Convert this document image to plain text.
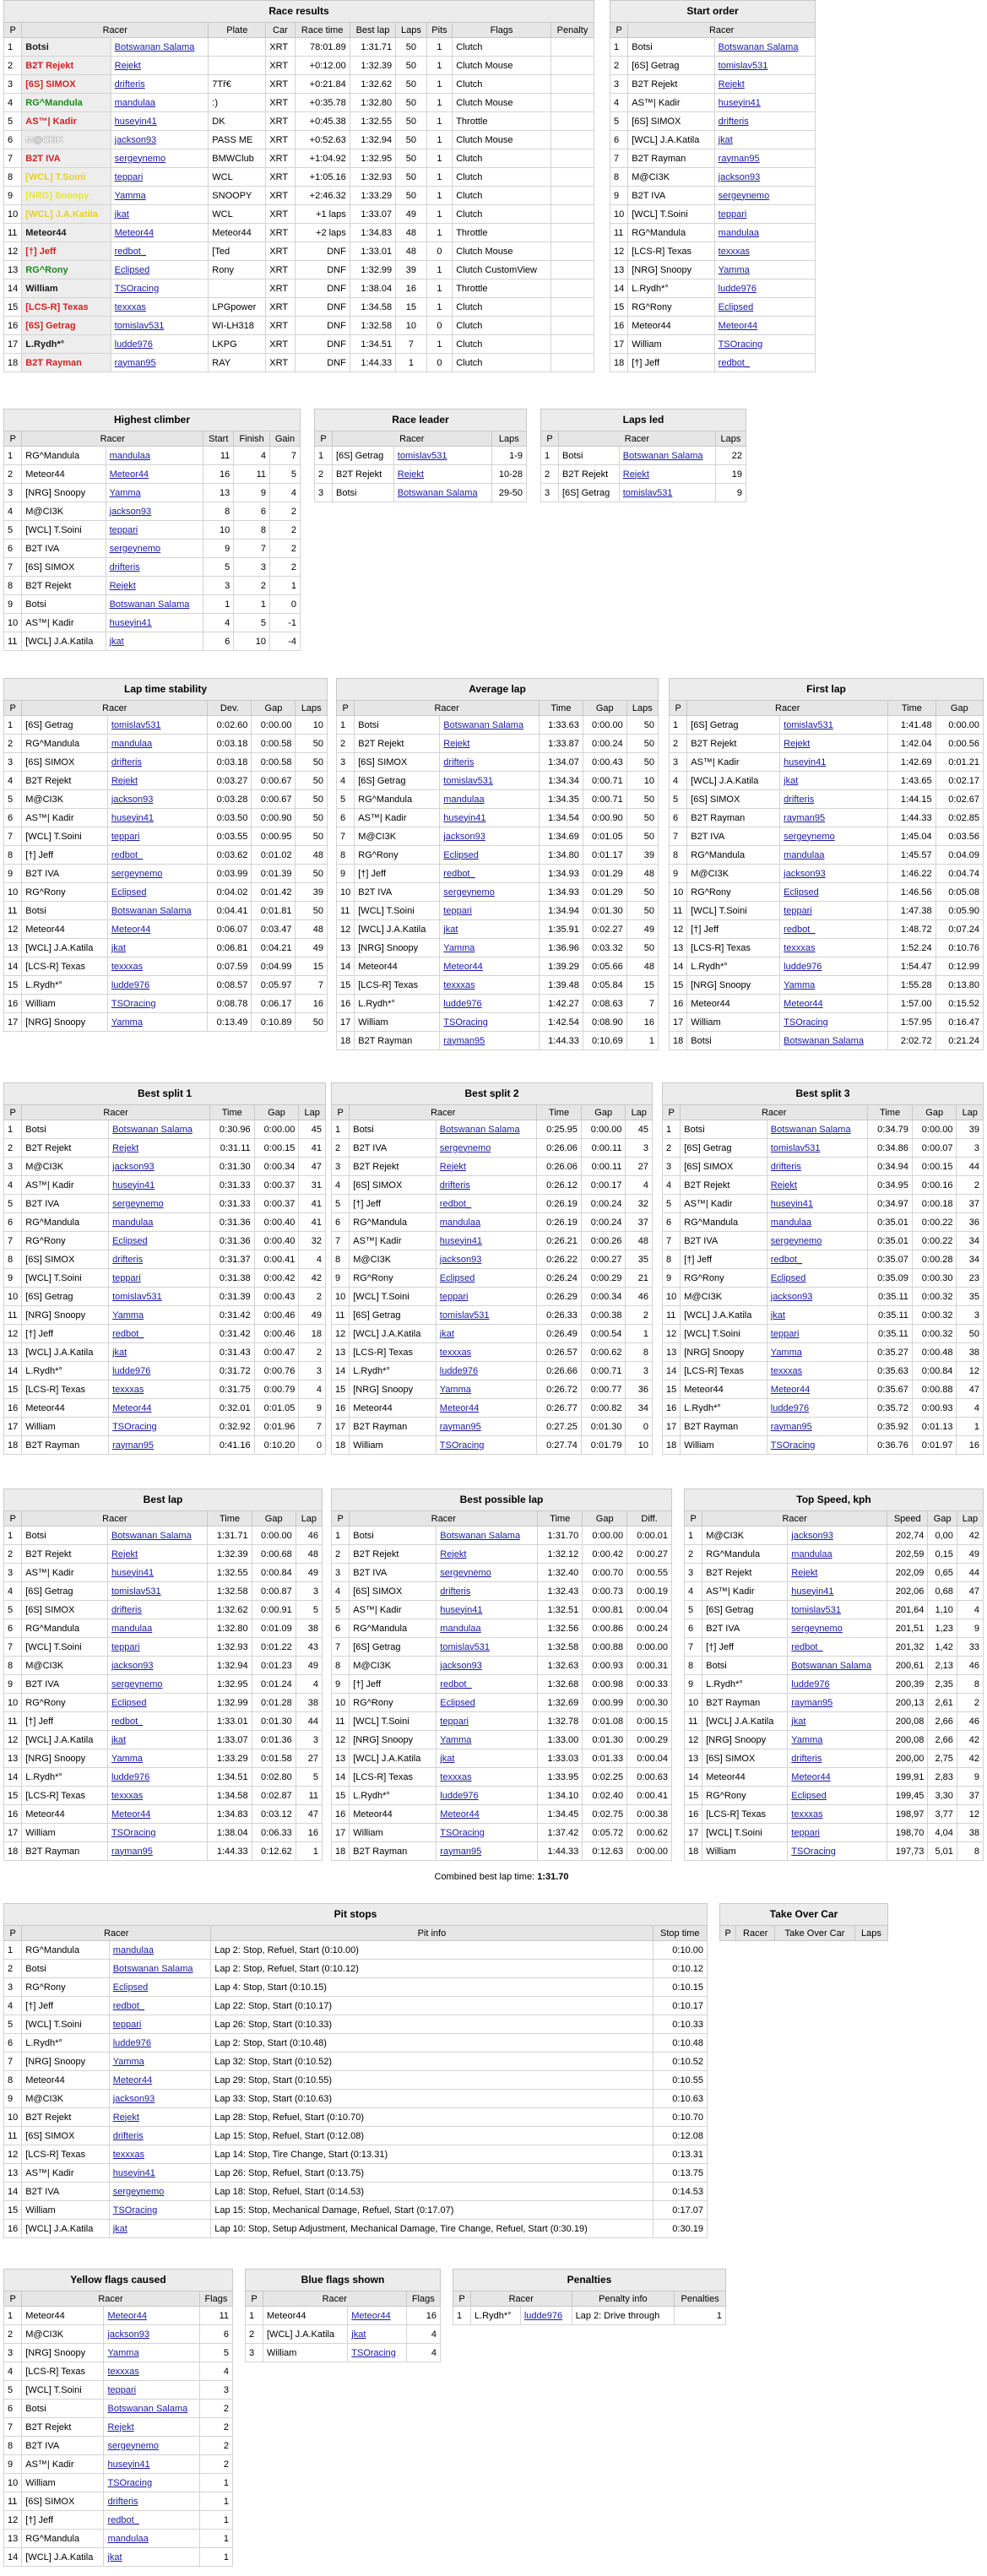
Race results
P	Racer		Plate	Car	Race time	Best lap	Laps	Pits	Flags	Penalty
1	Botsi	Botswanan Salama		XRT	78:01.89	1:31.71	50	1	Clutch	
2	B2T Rejekt	Rejekt		XRT	+0:12.00	1:32.39	50	1	Clutch Mouse	
3	[6S] SIMOX	drifteris	7Tř€	XRT	+0:21.84	1:32.62	50	1	Clutch	
4	RG^Mandula	mandulaa	:)	XRT	+0:35.78	1:32.80	50	1	Clutch Mouse	
5	AS™| Kadir	huseyin41	DK	XRT	+0:45.38	1:32.55	50	1	Throttle	
6	M@CI3K	jackson93	PASS ME	XRT	+0:52.63	1:32.94	50	1	Clutch Mouse	
7	B2T IVA	sergeynemo	BMWClub	XRT	+1:04.92	1:32.95	50	1	Clutch	
8	[WCL] T.Soini	teppari	WCL	XRT	+1:05.16	1:32.93	50	1	Clutch	
9	[NRG] Snoopy	Yamma	SNOOPY	XRT	+2:46.32	1:33.29	50	1	Clutch	
10	[WCL] J.A.Katila	jkat	WCL	XRT	+1 laps	1:33.07	49	1	Clutch	
11	Meteor44	Meteor44	Meteor44	XRT	+2 laps	1:34.83	48	1	Throttle	
12	[†] Jeff	redbot_	[Ted	XRT	DNF	1:33.01	48	0	Clutch Mouse	
13	RG^Rony	Eclipsed	Rony	XRT	DNF	1:32.99	39	1	Clutch CustomView	
14	William	TSOracing		XRT	DNF	1:38.04	16	1	Throttle	
15	[LCS-R] Texas	texxxas	LPGpower	XRT	DNF	1:34.58	15	1	Clutch	
16	[6S] Getrag	tomislav531	WI-LH318	XRT	DNF	1:32.58	10	0	Clutch	
17	L.Rydh*°	ludde976	LKPG	XRT	DNF	1:34.51	7	1	Clutch	
18	B2T Rayman	rayman95	RAY	XRT	DNF	1:44.33	1	0	Clutch	
Start order
P	Racer	
1	Botsi	Botswanan Salama
2	[6S] Getrag	tomislav531
3	B2T Rejekt	Rejekt
4	AS™| Kadir	huseyin41
5	[6S] SIMOX	drifteris
6	[WCL] J.A.Katila	jkat
7	B2T Rayman	rayman95
8	M@CI3K	jackson93
9	B2T IVA	sergeynemo
10	[WCL] T.Soini	teppari
11	RG^Mandula	mandulaa
12	[LCS-R] Texas	texxxas
13	[NRG] Snoopy	Yamma
14	L.Rydh*°	ludde976
15	RG^Rony	Eclipsed
16	Meteor44	Meteor44
17	William	TSOracing
18	[†] Jeff	redbot_
Highest climber
P	Racer		Start	Finish	Gain
1	RG^Mandula	mandulaa	11	4	7
2	Meteor44	Meteor44	16	11	5
3	[NRG] Snoopy	Yamma	13	9	4
4	M@CI3K	jackson93	8	6	2
5	[WCL] T.Soini	teppari	10	8	2
6	B2T IVA	sergeynemo	9	7	2
7	[6S] SIMOX	drifteris	5	3	2
8	B2T Rejekt	Rejekt	3	2	1
9	Botsi	Botswanan Salama	1	1	0
10	AS™| Kadir	huseyin41	4	5	-1
11	[WCL] J.A.Katila	jkat	6	10	-4
Race leader
P	Racer		Laps
1	[6S] Getrag	tomislav531	1-9
2	B2T Rejekt	Rejekt	10-28
3	Botsi	Botswanan Salama	29-50
Laps led
P	Racer		Laps
1	Botsi	Botswanan Salama	22
2	B2T Rejekt	Rejekt	19
3	[6S] Getrag	tomislav531	9
Lap time stability
P	Racer		Dev.	Gap	Laps
1	[6S] Getrag	tomislav531	0:02.60	0:00.00	10
2	RG^Mandula	mandulaa	0:03.18	0:00.58	50
3	[6S] SIMOX	drifteris	0:03.18	0:00.58	50
4	B2T Rejekt	Rejekt	0:03.27	0:00.67	50
5	M@CI3K	jackson93	0:03.28	0:00.67	50
6	AS™| Kadir	huseyin41	0:03.50	0:00.90	50
7	[WCL] T.Soini	teppari	0:03.55	0:00.95	50
8	[†] Jeff	redbot_	0:03.62	0:01.02	48
9	B2T IVA	sergeynemo	0:03.99	0:01.39	50
10	RG^Rony	Eclipsed	0:04.02	0:01.42	39
11	Botsi	Botswanan Salama	0:04.41	0:01.81	50
12	Meteor44	Meteor44	0:06.07	0:03.47	48
13	[WCL] J.A.Katila	jkat	0:06.81	0:04.21	49
14	[LCS-R] Texas	texxxas	0:07.59	0:04.99	15
15	L.Rydh*°	ludde976	0:08.57	0:05.97	7
16	William	TSOracing	0:08.78	0:06.17	16
17	[NRG] Snoopy	Yamma	0:13.49	0:10.89	50
Average lap
P	Racer		Time	Gap	Laps
1	Botsi	Botswanan Salama	1:33.63	0:00.00	50
2	B2T Rejekt	Rejekt	1:33.87	0:00.24	50
3	[6S] SIMOX	drifteris	1:34.07	0:00.43	50
4	[6S] Getrag	tomislav531	1:34.34	0:00.71	10
5	RG^Mandula	mandulaa	1:34.35	0:00.71	50
6	AS™| Kadir	huseyin41	1:34.54	0:00.90	50
7	M@CI3K	jackson93	1:34.69	0:01.05	50
8	RG^Rony	Eclipsed	1:34.80	0:01.17	39
9	[†] Jeff	redbot_	1:34.93	0:01.29	48
10	B2T IVA	sergeynemo	1:34.93	0:01.29	50
11	[WCL] T.Soini	teppari	1:34.94	0:01.30	50
12	[WCL] J.A.Katila	jkat	1:35.91	0:02.27	49
13	[NRG] Snoopy	Yamma	1:36.96	0:03.32	50
14	Meteor44	Meteor44	1:39.29	0:05.66	48
15	[LCS-R] Texas	texxxas	1:39.48	0:05.84	15
16	L.Rydh*°	ludde976	1:42.27	0:08.63	7
17	William	TSOracing	1:42.54	0:08.90	16
18	B2T Rayman	rayman95	1:44.33	0:10.69	1
First lap
P	Racer		Time	Gap
1	[6S] Getrag	tomislav531	1:41.48	0:00.00
2	B2T Rejekt	Rejekt	1:42.04	0:00.56
3	AS™| Kadir	huseyin41	1:42.69	0:01.21
4	[WCL] J.A.Katila	jkat	1:43.65	0:02.17
5	[6S] SIMOX	drifteris	1:44.15	0:02.67
6	B2T Rayman	rayman95	1:44.33	0:02.85
7	B2T IVA	sergeynemo	1:45.04	0:03.56
8	RG^Mandula	mandulaa	1:45.57	0:04.09
9	M@CI3K	jackson93	1:46.22	0:04.74
10	RG^Rony	Eclipsed	1:46.56	0:05.08
11	[WCL] T.Soini	teppari	1:47.38	0:05.90
12	[†] Jeff	redbot_	1:48.72	0:07.24
13	[LCS-R] Texas	texxxas	1:52.24	0:10.76
14	L.Rydh*°	ludde976	1:54.47	0:12.99
15	[NRG] Snoopy	Yamma	1:55.28	0:13.80
16	Meteor44	Meteor44	1:57.00	0:15.52
17	William	TSOracing	1:57.95	0:16.47
18	Botsi	Botswanan Salama	2:02.72	0:21.24
Best split 1
P	Racer		Time	Gap	Lap
1	Botsi	Botswanan Salama	0:30.96	0:00.00	45
2	B2T Rejekt	Rejekt	0:31.11	0:00.15	41
3	M@CI3K	jackson93	0:31.30	0:00.34	47
4	AS™| Kadir	huseyin41	0:31.33	0:00.37	31
5	B2T IVA	sergeynemo	0:31.33	0:00.37	41
6	RG^Mandula	mandulaa	0:31.36	0:00.40	41
7	RG^Rony	Eclipsed	0:31.36	0:00.40	32
8	[6S] SIMOX	drifteris	0:31.37	0:00.41	4
9	[WCL] T.Soini	teppari	0:31.38	0:00.42	42
10	[6S] Getrag	tomislav531	0:31.39	0:00.43	2
11	[NRG] Snoopy	Yamma	0:31.42	0:00.46	49
12	[†] Jeff	redbot_	0:31.42	0:00.46	18
13	[WCL] J.A.Katila	jkat	0:31.43	0:00.47	2
14	L.Rydh*°	ludde976	0:31.72	0:00.76	3
15	[LCS-R] Texas	texxxas	0:31.75	0:00.79	4
16	Meteor44	Meteor44	0:32.01	0:01.05	9
17	William	TSOracing	0:32.92	0:01.96	7
18	B2T Rayman	rayman95	0:41.16	0:10.20	0
Best split 2
P	Racer		Time	Gap	Lap
1	Botsi	Botswanan Salama	0:25.95	0:00.00	45
2	B2T IVA	sergeynemo	0:26.06	0:00.11	3
3	B2T Rejekt	Rejekt	0:26.06	0:00.11	27
4	[6S] SIMOX	drifteris	0:26.12	0:00.17	4
5	[†] Jeff	redbot_	0:26.19	0:00.24	32
6	RG^Mandula	mandulaa	0:26.19	0:00.24	37
7	AS™| Kadir	huseyin41	0:26.21	0:00.26	48
8	M@CI3K	jackson93	0:26.22	0:00.27	35
9	RG^Rony	Eclipsed	0:26.24	0:00.29	21
10	[WCL] T.Soini	teppari	0:26.29	0:00.34	46
11	[6S] Getrag	tomislav531	0:26.33	0:00.38	2
12	[WCL] J.A.Katila	jkat	0:26.49	0:00.54	1
13	[LCS-R] Texas	texxxas	0:26.57	0:00.62	8
14	L.Rydh*°	ludde976	0:26.66	0:00.71	3
15	[NRG] Snoopy	Yamma	0:26.72	0:00.77	36
16	Meteor44	Meteor44	0:26.77	0:00.82	34
17	B2T Rayman	rayman95	0:27.25	0:01.30	0
18	William	TSOracing	0:27.74	0:01.79	10
Best split 3
P	Racer		Time	Gap	Lap
1	Botsi	Botswanan Salama	0:34.79	0:00.00	39
2	[6S] Getrag	tomislav531	0:34.86	0:00.07	3
3	[6S] SIMOX	drifteris	0:34.94	0:00.15	44
4	B2T Rejekt	Rejekt	0:34.95	0:00.16	2
5	AS™| Kadir	huseyin41	0:34.97	0:00.18	37
6	RG^Mandula	mandulaa	0:35.01	0:00.22	36
7	B2T IVA	sergeynemo	0:35.01	0:00.22	34
8	[†] Jeff	redbot_	0:35.07	0:00.28	34
9	RG^Rony	Eclipsed	0:35.09	0:00.30	23
10	M@CI3K	jackson93	0:35.11	0:00.32	35
11	[WCL] J.A.Katila	jkat	0:35.11	0:00.32	3
12	[WCL] T.Soini	teppari	0:35.11	0:00.32	50
13	[NRG] Snoopy	Yamma	0:35.27	0:00.48	38
14	[LCS-R] Texas	texxxas	0:35.63	0:00.84	12
15	Meteor44	Meteor44	0:35.67	0:00.88	47
16	L.Rydh*°	ludde976	0:35.72	0:00.93	4
17	B2T Rayman	rayman95	0:35.92	0:01.13	1
18	William	TSOracing	0:36.76	0:01.97	16
Best lap
P	Racer		Time	Gap	Lap
1	Botsi	Botswanan Salama	1:31.71	0:00.00	46
2	B2T Rejekt	Rejekt	1:32.39	0:00.68	48
3	AS™| Kadir	huseyin41	1:32.55	0:00.84	49
4	[6S] Getrag	tomislav531	1:32.58	0:00.87	3
5	[6S] SIMOX	drifteris	1:32.62	0:00.91	5
6	RG^Mandula	mandulaa	1:32.80	0:01.09	38
7	[WCL] T.Soini	teppari	1:32.93	0:01.22	43
8	M@CI3K	jackson93	1:32.94	0:01.23	49
9	B2T IVA	sergeynemo	1:32.95	0:01.24	4
10	RG^Rony	Eclipsed	1:32.99	0:01.28	38
11	[†] Jeff	redbot_	1:33.01	0:01.30	44
12	[WCL] J.A.Katila	jkat	1:33.07	0:01.36	3
13	[NRG] Snoopy	Yamma	1:33.29	0:01.58	27
14	L.Rydh*°	ludde976	1:34.51	0:02.80	5
15	[LCS-R] Texas	texxxas	1:34.58	0:02.87	11
16	Meteor44	Meteor44	1:34.83	0:03.12	47
17	William	TSOracing	1:38.04	0:06.33	16
18	B2T Rayman	rayman95	1:44.33	0:12.62	1
Best possible lap
P	Racer		Time	Gap	Diff.
1	Botsi	Botswanan Salama	1:31.70	0:00.00	0:00.01
2	B2T Rejekt	Rejekt	1:32.12	0:00.42	0:00.27
3	B2T IVA	sergeynemo	1:32.40	0:00.70	0:00.55
4	[6S] SIMOX	drifteris	1:32.43	0:00.73	0:00.19
5	AS™| Kadir	huseyin41	1:32.51	0:00.81	0:00.04
6	RG^Mandula	mandulaa	1:32.56	0:00.86	0:00.24
7	[6S] Getrag	tomislav531	1:32.58	0:00.88	0:00.00
8	M@CI3K	jackson93	1:32.63	0:00.93	0:00.31
9	[†] Jeff	redbot_	1:32.68	0:00.98	0:00.33
10	RG^Rony	Eclipsed	1:32.69	0:00.99	0:00.30
11	[WCL] T.Soini	teppari	1:32.78	0:01.08	0:00.15
12	[NRG] Snoopy	Yamma	1:33.00	0:01.30	0:00.29
13	[WCL] J.A.Katila	jkat	1:33.03	0:01.33	0:00.04
14	[LCS-R] Texas	texxxas	1:33.95	0:02.25	0:00.63
15	L.Rydh*°	ludde976	1:34.10	0:02.40	0:00.41
16	Meteor44	Meteor44	1:34.45	0:02.75	0:00.38
17	William	TSOracing	1:37.42	0:05.72	0:00.62
18	B2T Rayman	rayman95	1:44.33	0:12.63	0:00.00
Combined best lap time: 1:31.70
Top Speed, kph
P	Racer		Speed	Gap	Lap
1	M@CI3K	jackson93	202,74	0,00	42
2	RG^Mandula	mandulaa	202,59	0,15	49
3	B2T Rejekt	Rejekt	202,09	0,65	44
4	AS™| Kadir	huseyin41	202,06	0,68	47
5	[6S] Getrag	tomislav531	201,64	1,10	4
6	B2T IVA	sergeynemo	201,51	1,23	9
7	[†] Jeff	redbot_	201,32	1,42	33
8	Botsi	Botswanan Salama	200,61	2,13	46
9	L.Rydh*°	ludde976	200,39	2,35	8
10	B2T Rayman	rayman95	200,13	2,61	2
11	[WCL] J.A.Katila	jkat	200,08	2,66	46
12	[NRG] Snoopy	Yamma	200,08	2,66	42
13	[6S] SIMOX	drifteris	200,00	2,75	42
14	Meteor44	Meteor44	199,91	2,83	9
15	RG^Rony	Eclipsed	199,45	3,30	37
16	[LCS-R] Texas	texxxas	198,97	3,77	12
17	[WCL] T.Soini	teppari	198,70	4,04	38
18	William	TSOracing	197,73	5,01	8
Pit stops
P	Racer		Pit info	Stop time
1	RG^Mandula	mandulaa	Lap 2: Stop, Refuel, Start (0:10.00)	0:10.00
2	Botsi	Botswanan Salama	Lap 2: Stop, Refuel, Start (0:10.12)	0:10.12
3	RG^Rony	Eclipsed	Lap 4: Stop, Start (0:10.15)	0:10.15
4	[†] Jeff	redbot_	Lap 22: Stop, Start (0:10.17)	0:10.17
5	[WCL] T.Soini	teppari	Lap 26: Stop, Start (0:10.33)	0:10.33
6	L.Rydh*°	ludde976	Lap 2: Stop, Start (0:10.48)	0:10.48
7	[NRG] Snoopy	Yamma	Lap 32: Stop, Start (0:10.52)	0:10.52
8	Meteor44	Meteor44	Lap 29: Stop, Start (0:10.55)	0:10.55
9	M@CI3K	jackson93	Lap 33: Stop, Start (0:10.63)	0:10.63
10	B2T Rejekt	Rejekt	Lap 28: Stop, Refuel, Start (0:10.70)	0:10.70
11	[6S] SIMOX	drifteris	Lap 15: Stop, Refuel, Start (0:12.08)	0:12.08
12	[LCS-R] Texas	texxxas	Lap 14: Stop, Tire Change, Start (0:13.31)	0:13.31
13	AS™| Kadir	huseyin41	Lap 26: Stop, Refuel, Start (0:13.75)	0:13.75
14	B2T IVA	sergeynemo	Lap 18: Stop, Refuel, Start (0:14.53)	0:14.53
15	William	TSOracing	Lap 15: Stop, Mechanical Damage, Refuel, Start (0:17.07)	0:17.07
16	[WCL] J.A.Katila	jkat	Lap 10: Stop, Setup Adjustment, Mechanical Damage, Tire Change, Refuel, Start (0:30.19)	0:30.19
Take Over Car
P	Racer	Take Over Car	Laps
Yellow flags caused
P	Racer		Flags
1	Meteor44	Meteor44	11
2	M@CI3K	jackson93	6
3	[NRG] Snoopy	Yamma	5
4	[LCS-R] Texas	texxxas	4
5	[WCL] T.Soini	teppari	3
6	Botsi	Botswanan Salama	2
7	B2T Rejekt	Rejekt	2
8	B2T IVA	sergeynemo	2
9	AS™| Kadir	huseyin41	2
10	William	TSOracing	1
11	[6S] SIMOX	drifteris	1
12	[†] Jeff	redbot_	1
13	RG^Mandula	mandulaa	1
14	[WCL] J.A.Katila	jkat	1
Blue flags shown
P	Racer		Flags
1	Meteor44	Meteor44	16
2	[WCL] J.A.Katila	jkat	4
3	William	TSOracing	4
Penalties
P	Racer		Penalty info	Penalties
1	L.Rydh*°	ludde976	Lap 2: Drive through	1
